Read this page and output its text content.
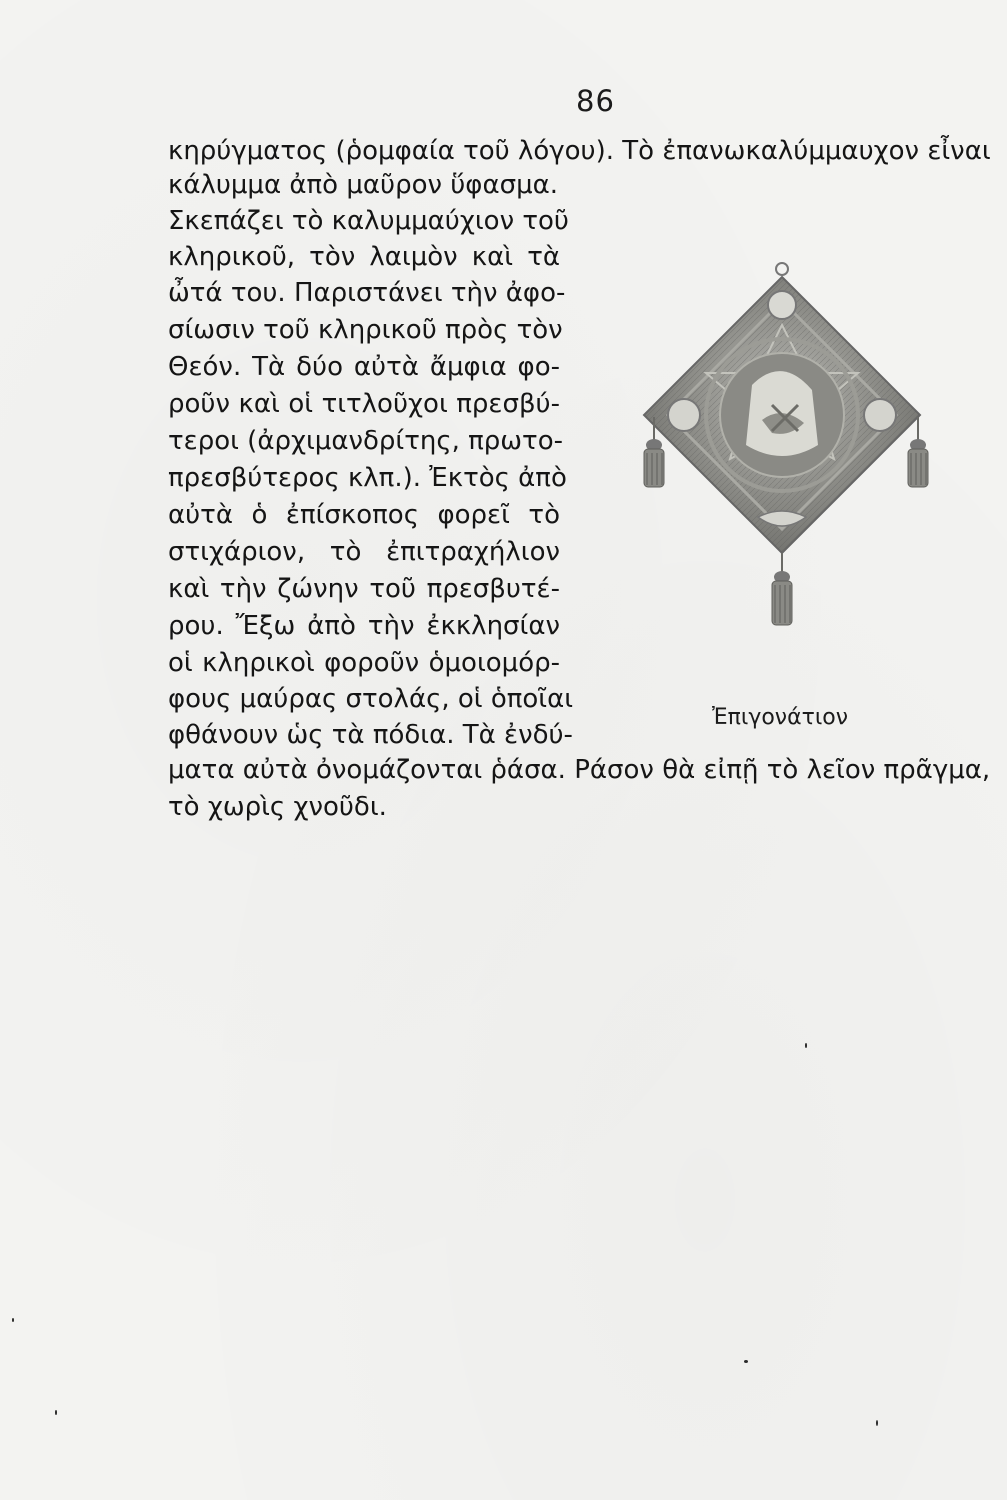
86
κηρύγματος (ῥομφαία τοῦ λόγου). Τὸ ἐπανωκαλύμμαυχον εἶναι
κάλυμμα ἀπὸ μαῦρον ὕφασμα.
Σκεπάζει τὸ καλυμμαύχιον τοῦ
κληρικοῦ, τὸν λαιμὸν καὶ τὰ
ὦτά του. Παριστάνει τὴν ἀφο-
σίωσιν τοῦ κληρικοῦ πρὸς τὸν
Θεόν. Τὰ δύο αὐτὰ ἄμφια φο-
ροῦν καὶ οἱ τιτλοῦχοι πρεσβύ-
τεροι (ἀρχιμανδρίτης, πρωτο-
πρεσβύτερος κλπ.). Ἐκτὸς ἀπὸ
αὐτὰ ὁ ἐπίσκοπος φορεῖ τὸ
στιχάριον, τὸ ἐπιτραχήλιον
καὶ τὴν ζώνην τοῦ πρεσβυτέ-
ρου. Ἔξω ἀπὸ τὴν ἐκκλησίαν
οἱ κληρικοὶ φοροῦν ὁμοιομόρ-
φους μαύρας στολάς, οἱ ὁποῖαι
φθάνουν ὡς τὰ πόδια. Τὰ ἐνδύ-
ματα αὐτὰ ὀνομάζονται ῥάσα. Ράσον θὰ εἰπῇ τὸ λεῖον πρᾶγμα,
τὸ χωρὶς χνοῦδι.
Ἐπιγονάτιον
